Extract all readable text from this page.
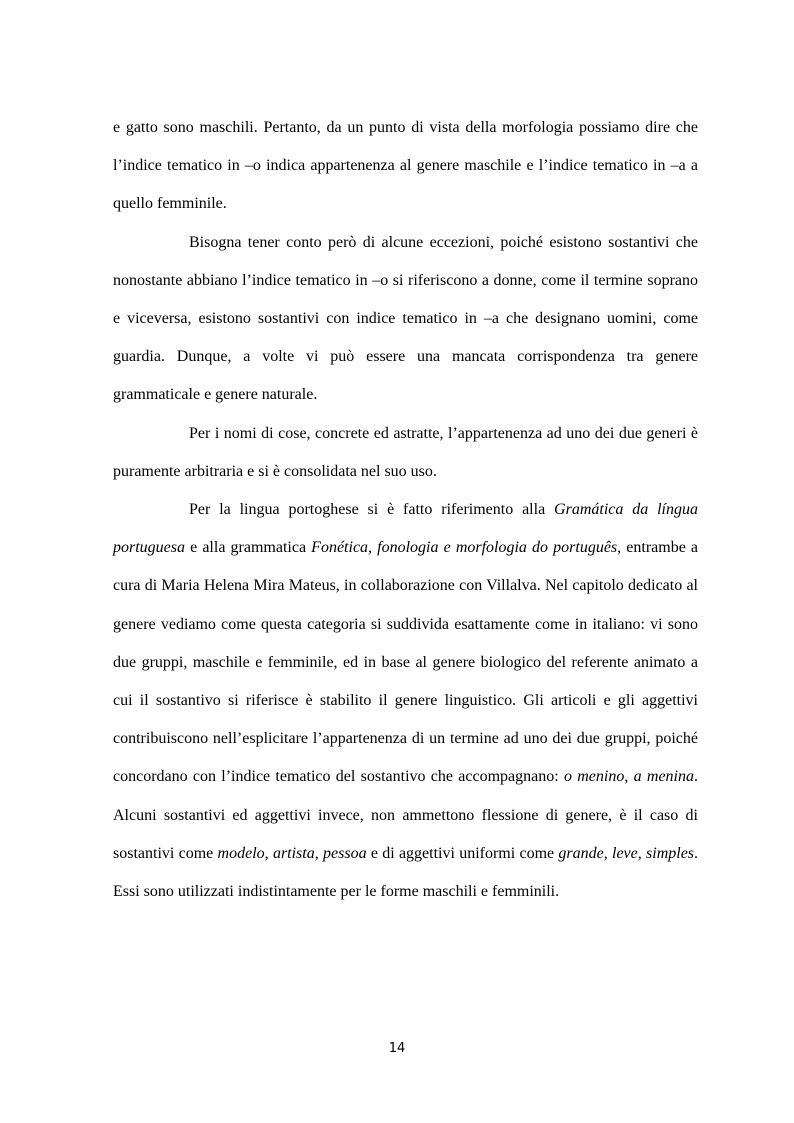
e gatto sono maschili. Pertanto, da un punto di vista della morfologia possiamo dire che l’indice tematico in –o indica appartenenza al genere maschile e l’indice tematico in –a a quello femminile.

Bisogna tener conto però di alcune eccezioni, poiché esistono sostantivi che nonostante abbiano l’indice tematico in –o si riferiscono a donne, come il termine soprano e viceversa, esistono sostantivi con indice tematico in –a che designano uomini, come guardia. Dunque, a volte vi può essere una mancata corrispondenza tra genere grammaticale e genere naturale.

Per i nomi di cose, concrete ed astratte, l’appartenenza ad uno dei due generi è puramente arbitraria e si è consolidata nel suo uso.

Per la lingua portoghese si è fatto riferimento alla Gramática da língua portuguesa e alla grammatica Fonética, fonologia e morfologia do português, entrambe a cura di Maria Helena Mira Mateus, in collaborazione con Villalva. Nel capitolo dedicato al genere vediamo come questa categoria si suddivida esattamente come in italiano: vi sono due gruppi, maschile e femminile, ed in base al genere biologico del referente animato a cui il sostantivo si riferisce è stabilito il genere linguistico. Gli articoli e gli aggettivi contribuiscono nell’esplicitare l’appartenenza di un termine ad uno dei due gruppi, poiché concordano con l’indice tematico del sostantivo che accompagnano: o menino, a menina. Alcuni sostantivi ed aggettivi invece, non ammettono flessione di genere, è il caso di sostantivi come modelo, artista, pessoa e di aggettivi uniformi come grande, leve, simples. Essi sono utilizzati indistintamente per le forme maschili e femminili.

14
